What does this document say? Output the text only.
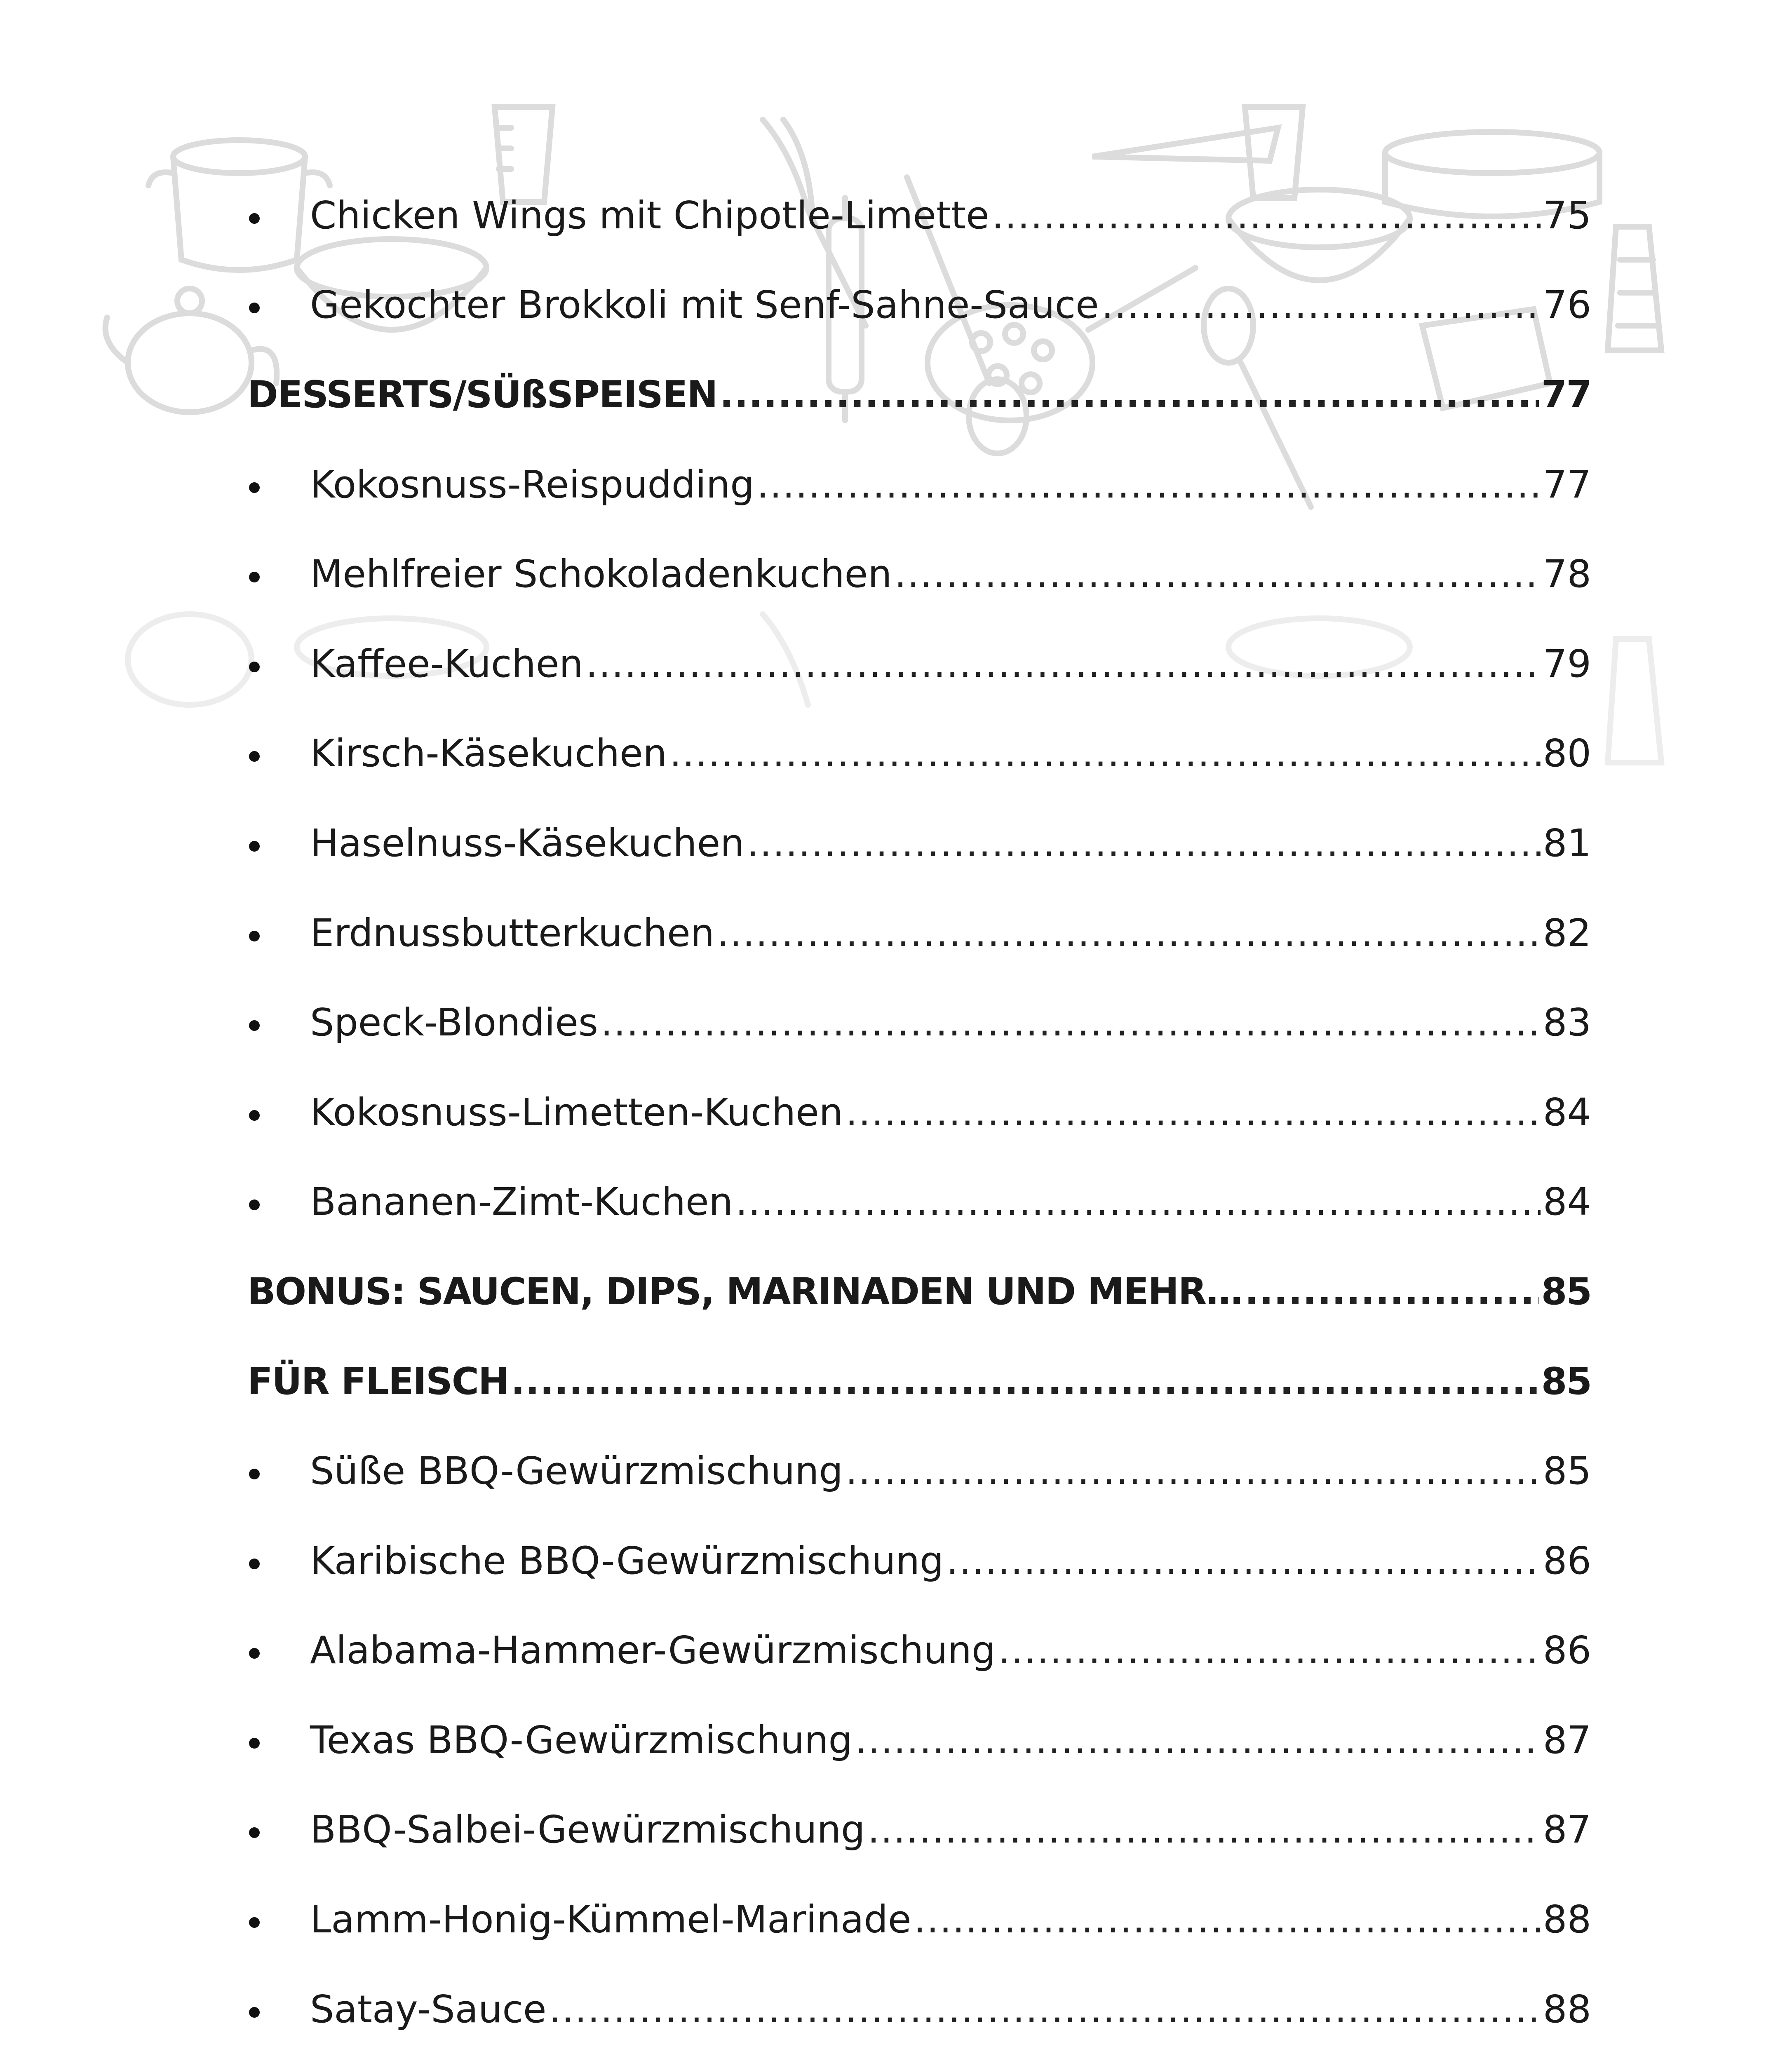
Chicken Wings mit Chipotle-Limette .....	75
Gekochter Brokkoli mit Senf-Sahne-Sauce .....	76
DESSERTS/SÜßSPEISEN .....	77
Kokosnuss-Reispudding .....	77
Mehlfreier Schokoladenkuchen .....	78
Kaffee-Kuchen .....	79
Kirsch-Käsekuchen .....	80
Haselnuss-Käsekuchen .....	81
Erdnussbutterkuchen .....	82
Speck-Blondies .....	83
Kokosnuss-Limetten-Kuchen .....	84
Bananen-Zimt-Kuchen .....	84
BONUS: SAUCEN, DIPS, MARINADEN UND MEHR… .....	85
FÜR FLEISCH .....	85
Süße BBQ-Gewürzmischung .....	85
Karibische BBQ-Gewürzmischung .....	86
Alabama-Hammer-Gewürzmischung .....	86
Texas BBQ-Gewürzmischung .....	87
BBQ-Salbei-Gewürzmischung .....	87
Lamm-Honig-Kümmel-Marinade .....	88
Satay-Sauce .....	88
